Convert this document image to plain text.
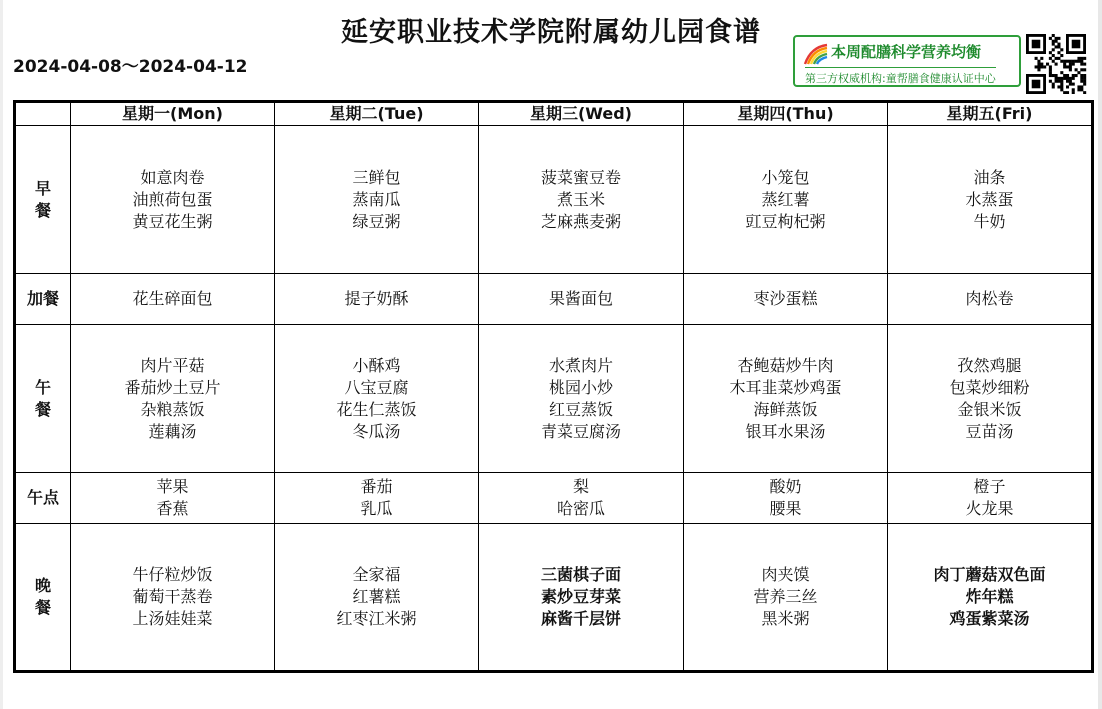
延安职业技术学院附属幼儿园食谱
2024-04-08～2024-04-12
本周配膳科学营养均衡
第三方权威机构:童帮膳食健康认证中心
	星期一(Mon)	星期二(Tue)	星期三(Wed)	星期四(Thu)	星期五(Fri)
早餐	如意肉卷
油煎荷包蛋
黄豆花生粥	三鲜包
蒸南瓜
绿豆粥	菠菜蜜豆卷
煮玉米
芝麻燕麦粥	小笼包
蒸红薯
豇豆枸杞粥	油条
水蒸蛋
牛奶

加餐	花生碎面包	提子奶酥	果酱面包	枣沙蛋糕	肉松卷

午餐	肉片平菇
番茄炒土豆片
杂粮蒸饭
莲藕汤	小酥鸡
八宝豆腐
花生仁蒸饭
冬瓜汤	水煮肉片
桃园小炒
红豆蒸饭
青菜豆腐汤	杏鲍菇炒牛肉
木耳韭菜炒鸡蛋
海鲜蒸饭
银耳水果汤	孜然鸡腿
包菜炒细粉
金银米饭
豆苗汤

午点	苹果
香蕉	番茄
乳瓜	梨
哈密瓜	酸奶
腰果	橙子
火龙果

晚餐	牛仔粒炒饭
葡萄干蒸卷
上汤娃娃菜	全家福
红薯糕
红枣江米粥	三菌棋子面
素炒豆芽菜
麻酱千层饼	肉夹馍
营养三丝
黑米粥	肉丁蘑菇双色面
炸年糕
鸡蛋紫菜汤
